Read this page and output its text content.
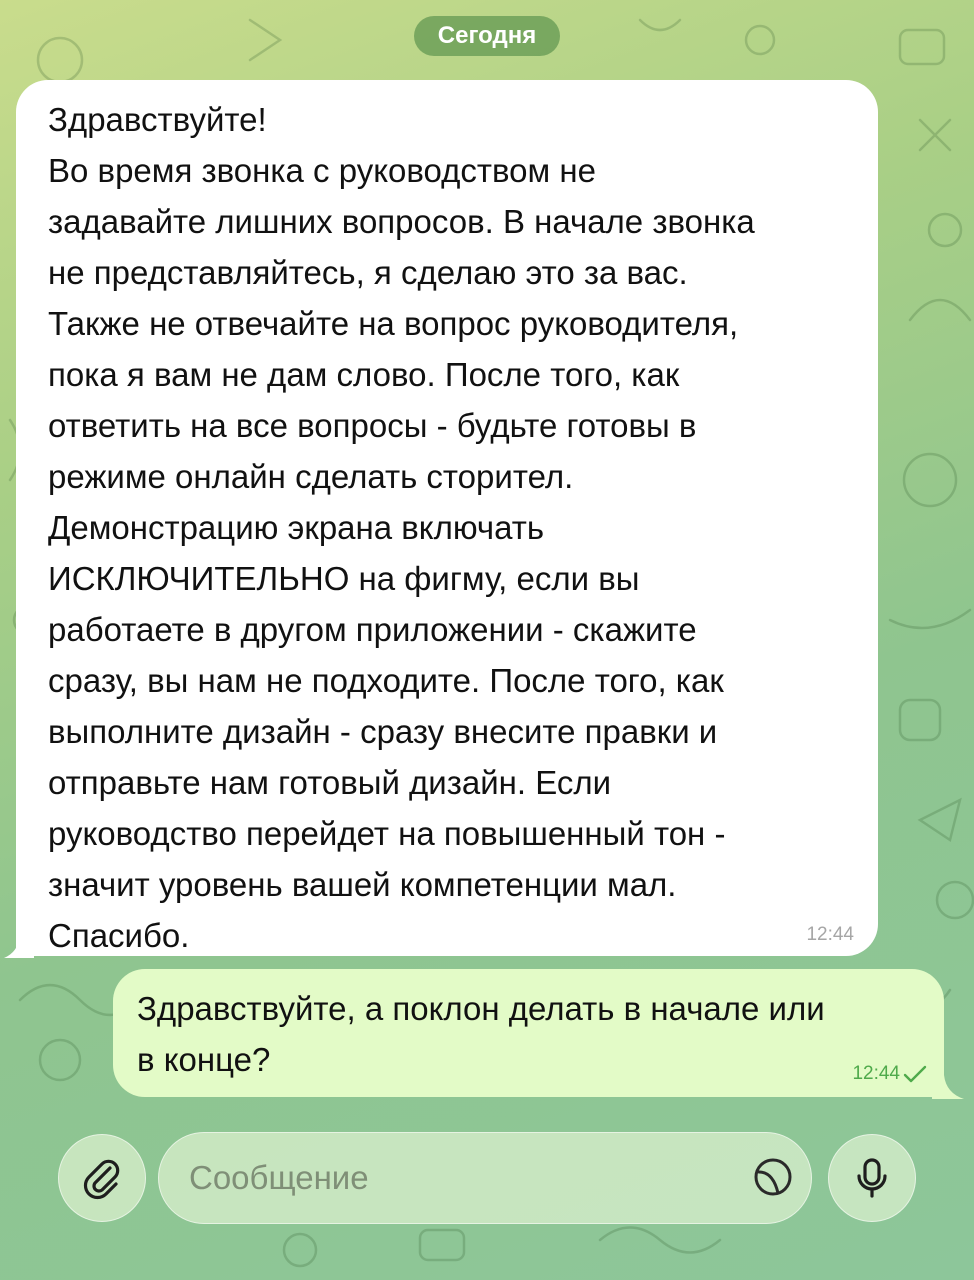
Сегодня

Здравствуйте!
Во время звонка с руководством не
задавайте лишних вопросов. В начале звонка
не представляйтесь, я сделаю это за вас.
Также не отвечайте на вопрос руководителя,
пока я вам не дам слово. После того, как
ответить на все вопросы - будьте готовы в
режиме онлайн сделать сторител.
Демонстрацию экрана включать
ИСКЛЮЧИТЕЛЬНО на фигму, если вы
работаете в другом приложении - скажите
сразу, вы нам не подходите. После того, как
выполните дизайн - сразу внесите правки и
отправьте нам готовый дизайн. Если
руководство перейдет на повышенный тон -
значит уровень вашей компетенции мал.
Спасибо.	12:44

Здравствуйте, а поклон делать в начале или
в конце?	12:44
Сообщение
